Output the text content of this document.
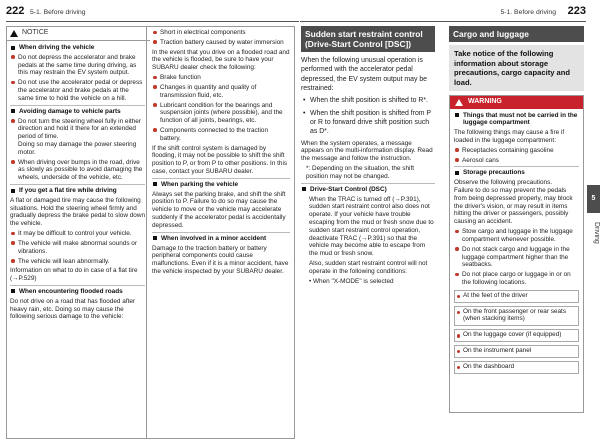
222 5-1. Before driving	5-1. Before driving 223
NOTICE
When driving the vehicle
Do not depress the accelerator and brake pedals at the same time during driving, as this may restrain the EV system output.
Do not use the accelerator pedal or depress the accelerator and brake pedals at the same time to hold the vehicle on a hill.
Avoiding damage to vehicle parts
Do not turn the steering wheel fully in either direction and hold it there for an extended period of time.
Doing so may damage the power steering motor.
When driving over bumps in the road, drive as slowly as possible to avoid damaging the wheels, underside of the vehicle, etc.
If you get a flat tire while driving
A flat or damaged tire may cause the following situations. Hold the steering wheel firmly and gradually depress the brake pedal to slow down the vehicle.
It may be difficult to control your vehicle.
The vehicle will make abnormal sounds or vibrations.
The vehicle will lean abnormally.
Information on what to do in case of a flat tire (→P.529)
When encountering flooded roads
Do not drive on a road that has flooded after heavy rain, etc. Doing so may cause the following serious damage to the vehicle:
Short in electrical components
Traction battery caused by water immersion
In the event that you drive on a flooded road and the vehicle is flooded, be sure to have your SUBARU dealer check the following:
Brake function
Changes in quantity and quality of transmission fluid, etc.
Lubricant condition for the bearings and suspension joints (where possible), and the function of all joints, bearings, etc.
Components connected to the traction battery.
If the shift control system is damaged by flooding, it may not be possible to shift the shift position to P, or from P to other positions. In this case, contact your SUBARU dealer.
When parking the vehicle
Always set the parking brake, and shift the shift position to P. Failure to do so may cause the vehicle to move or the vehicle may accelerate suddenly if the accelerator pedal is accidentally depressed.
When involved in a minor accident
Damage to the traction battery or battery peripheral components could cause malfunctions. Even if it is a minor accident, have the vehicle inspected by your SUBARU dealer.
Sudden start restraint control (Drive-Start Control [DSC])
When the following unusual operation is performed with the accelerator pedal depressed, the EV system output may be restrained:
• When the shift position is shifted to R*.
• When the shift position is shifted from P or R to forward drive shift position such as D*.
When the system operates, a message appears on the multi-information display. Read the message and follow the instruction.
*: Depending on the situation, the shift position may not be changed.
Drive-Start Control (DSC)
When the TRAC is turned off (→P.391), sudden start restraint control also does not operate. If your vehicle have trouble escaping from the mud or fresh snow due to sudden start restraint control operation, deactivate TRAC (→P.391) so that the vehicle may become able to escape from the mud or fresh snow.
Also, sudden start restraint control will not operate in the following conditions:
• When "X-MODE" is selected
Cargo and luggage
Take notice of the following information about storage precautions, cargo capacity and load.
WARNING
Things that must not be carried in the luggage compartment
The following things may cause a fire if loaded in the luggage compartment:
Receptacles containing gasoline
Aerosol cans
Storage precautions
Observe the following precautions.
Failure to do so may prevent the pedals from being depressed properly, may block the driver's vision, or may result in items hitting the driver or passengers, possibly causing an accident.
Stow cargo and luggage in the luggage compartment whenever possible.
Do not stack cargo and luggage in the luggage compartment higher than the seatbacks.
Do not place cargo or luggage in or on the following locations.
At the feet of the driver
On the front passenger or rear seats (when stacking items)
On the luggage cover (if equipped)
On the instrument panel
On the dashboard
5
Driving
